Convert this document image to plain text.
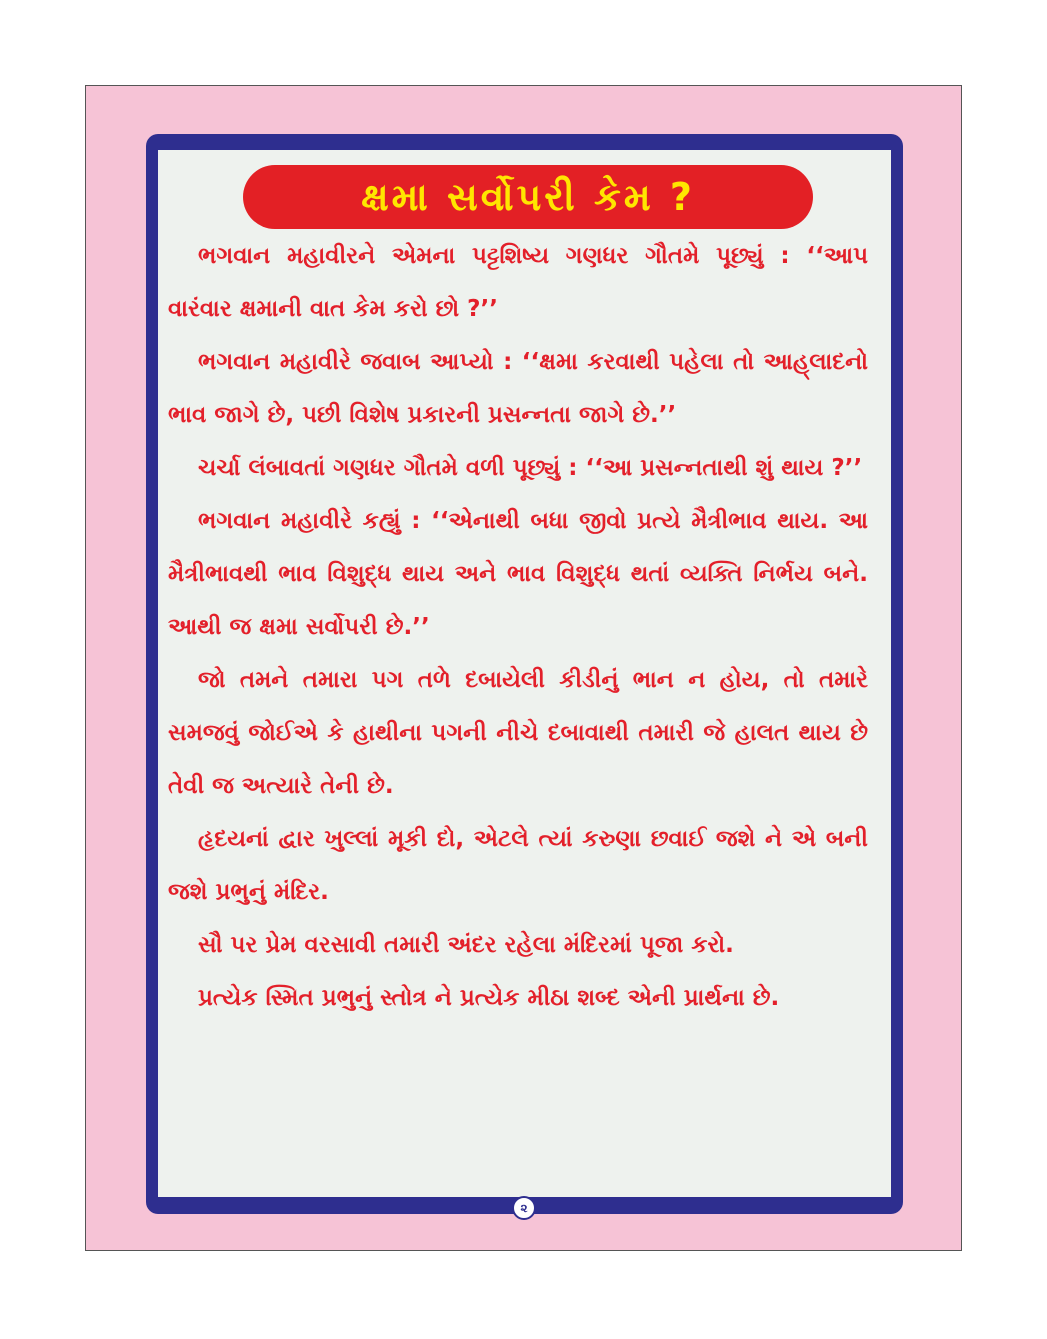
ક્ષમા સર્વોપરી કેમ ?

ભગવાન મહાવીરને એમના પટ્ટશિષ્ય ગણધર ગૌતમે પૂછ્યું : ‘‘આપ વારંવાર ક્ષમાની વાત કેમ કરો છો ?’’

ભગવાન મહાવીરે જવાબ આપ્યો : ‘‘ક્ષમા કરવાથી પહેલા તો આહ્‌લાદનો ભાવ જાગે છે, પછી વિશેષ પ્રકારની પ્રસન્નતા જાગે છે.’’

ચર્ચા લંબાવતાં ગણધર ગૌતમે વળી પૂછ્યું : ‘‘આ પ્રસન્નતાથી શું થાય ?’’

ભગવાન મહાવીરે કહ્યું : ‘‘એનાથી બધા જીવો પ્રત્યે મૈત્રીભાવ થાય. આ મૈત્રીભાવથી ભાવ વિશુદ્ધ થાય અને ભાવ વિશુદ્ધ થતાં વ્યક્તિ નિર્ભય બને. આથી જ ક્ષમા સર્વોપરી છે.’’

જો તમને તમારા પગ તળે દબાયેલી કીડીનું ભાન ન હોય, તો તમારે સમજવું જોઈએ કે હાથીના પગની નીચે દબાવાથી તમારી જે હાલત થાય છે તેવી જ અત્યારે તેની છે.

હૃદયનાં દ્વાર ખુલ્લાં મૂકી દો, એટલે ત્યાં કરુણા છવાઈ જશે ને એ બની જશે પ્રભુનું મંદિર.

સૌ પર પ્રેમ વરસાવી તમારી અંદર રહેલા મંદિરમાં પૂજા કરો.

પ્રત્યેક સ્મિત પ્રભુનું સ્તોત્ર ને પ્રત્યેક મીઠા શબ્દ એની પ્રાર્થના છે.

૨
